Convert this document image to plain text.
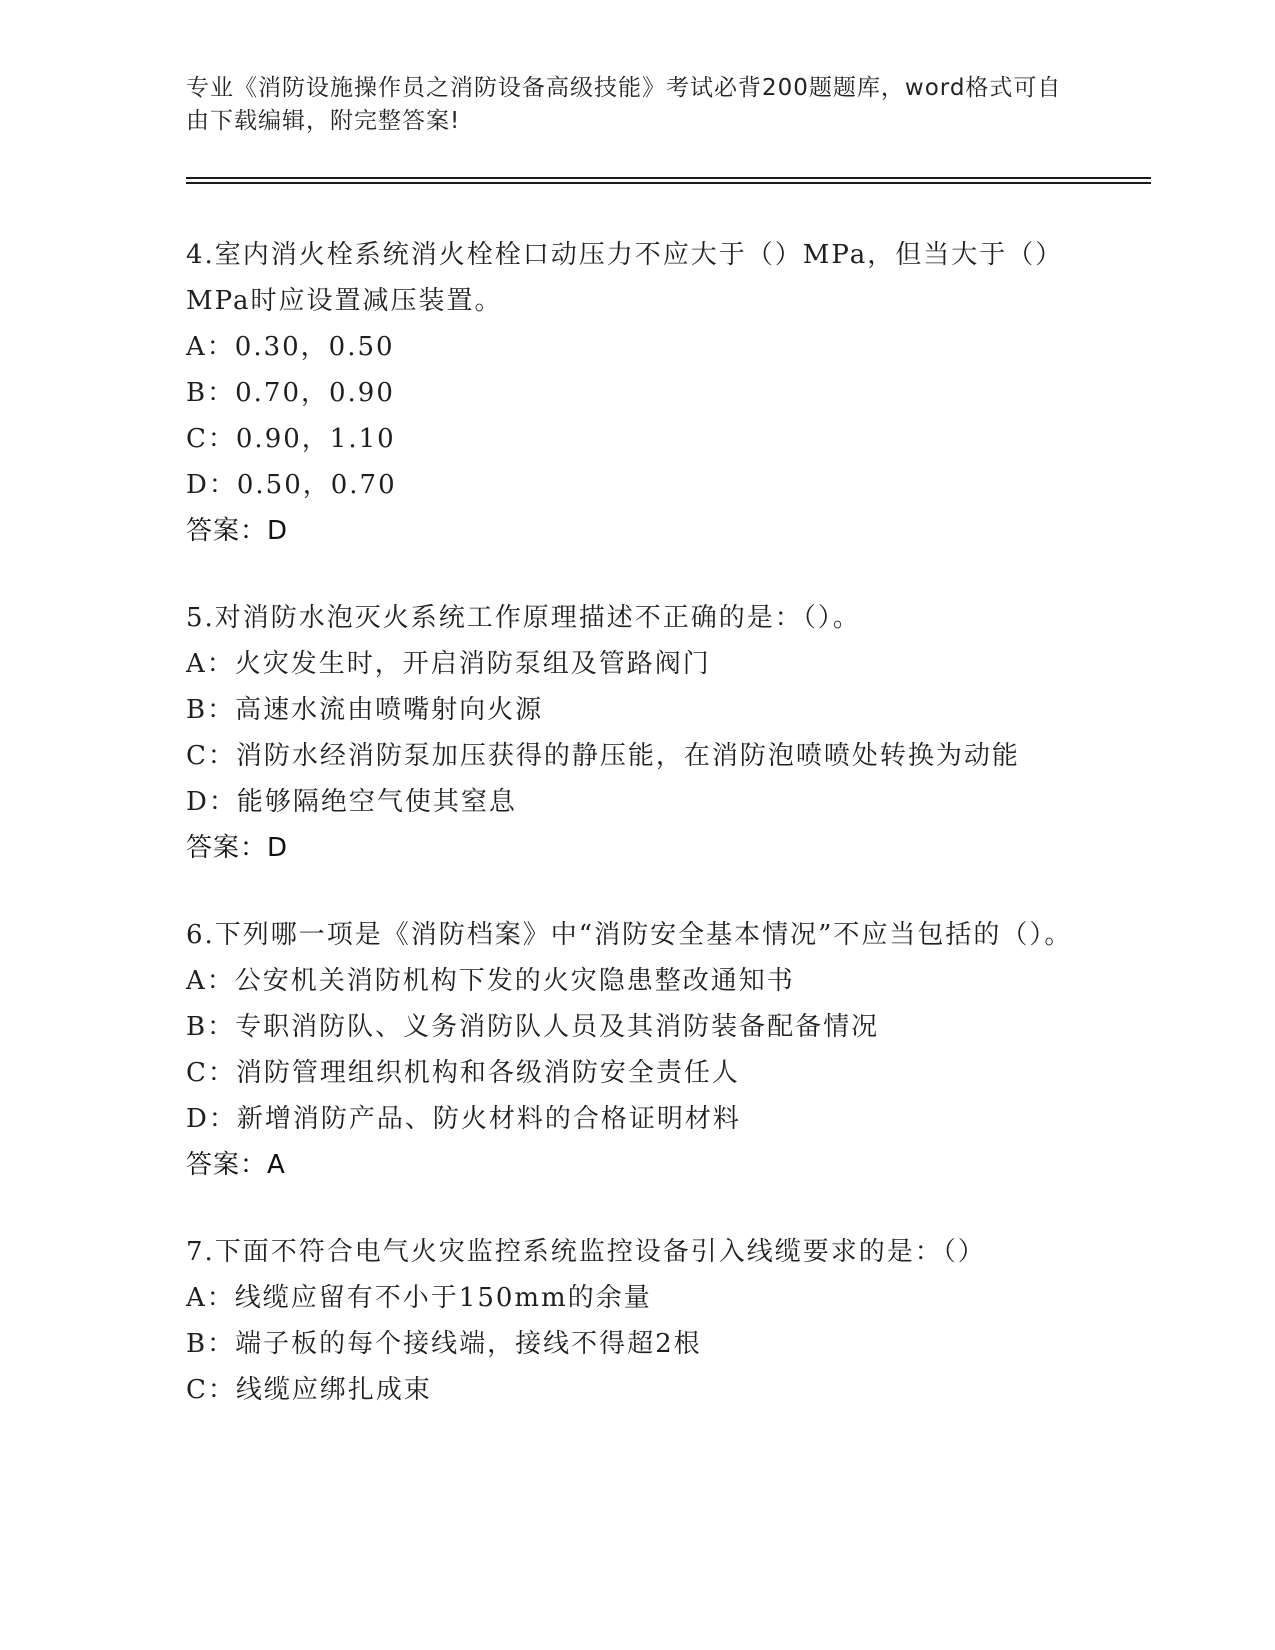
专业《消防设施操作员之消防设备高级技能》考试必背200题题库，word格式可自由下载编辑，附完整答案!
4.室内消火栓系统消火栓栓口动压力不应大于（）MPa，但当大于（）MPa时应设置减压装置。
A：0.30，0.50
B：0.70，0.90
C：0.90，1.10
D：0.50，0.70
答案：D
5.对消防水泡灭火系统工作原理描述不正确的是：（）。
A：火灾发生时，开启消防泵组及管路阀门
B：高速水流由喷嘴射向火源
C：消防水经消防泵加压获得的静压能，在消防泡喷喷处转换为动能
D：能够隔绝空气使其窒息
答案：D
6.下列哪一项是《消防档案》中“消防安全基本情况”不应当包括的（）。
A：公安机关消防机构下发的火灾隐患整改通知书
B：专职消防队、义务消防队人员及其消防装备配备情况
C：消防管理组织机构和各级消防安全责任人
D：新增消防产品、防火材料的合格证明材料
答案：A
7.下面不符合电气火灾监控系统监控设备引入线缆要求的是：（）
A：线缆应留有不小于150mm的余量
B：端子板的每个接线端，接线不得超2根
C：线缆应绑扎成束
